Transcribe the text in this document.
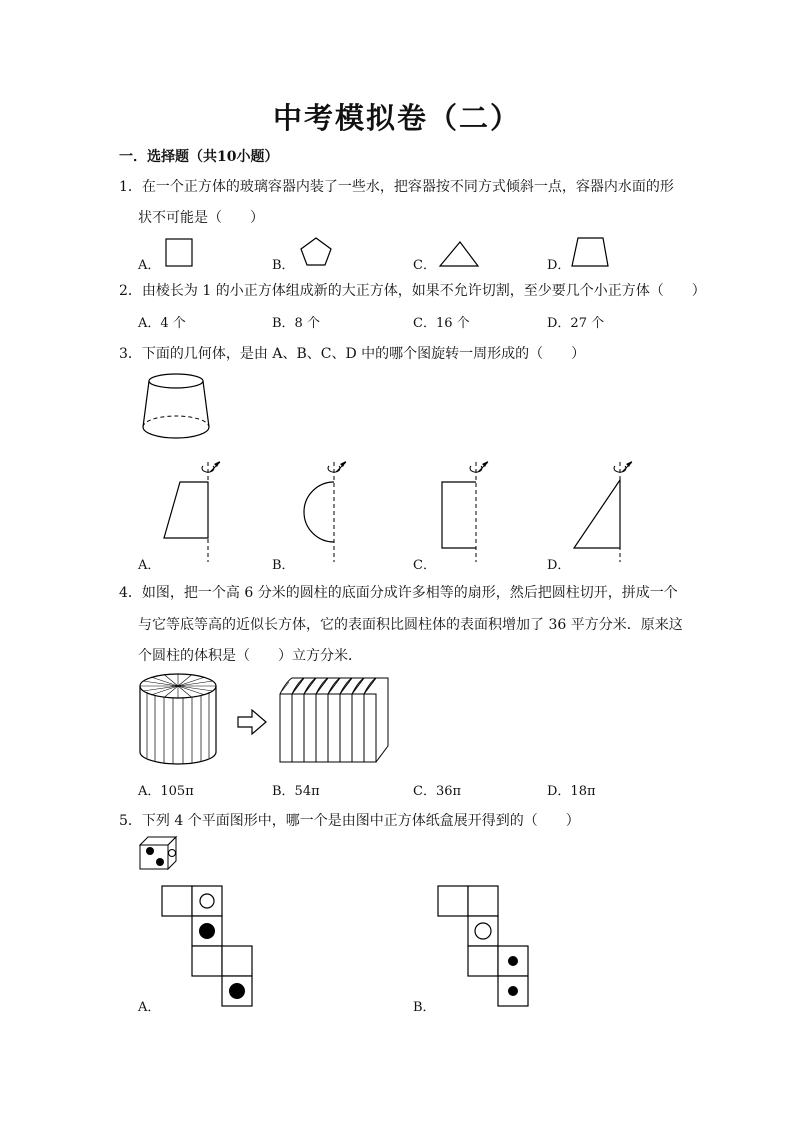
中考模拟卷（二）
一．选择题（共10小题）
1．在一个正方体的玻璃容器内装了一些水，把容器按不同方式倾斜一点，容器内水面的形
状不可能是（　　）
A．	B．	C．	D．
2．由棱长为 1 的小正方体组成新的大正方体，如果不允许切割，至少要几个小正方体（　　）
A．4 个	B．8 个	C．16 个	D．27 个
3．下面的几何体，是由 A、B、C、D 中的哪个图旋转一周形成的（　　）
A．	B．	C．	D．
4．如图，把一个高 6 分米的圆柱的底面分成许多相等的扇形，然后把圆柱切开，拼成一个
与它等底等高的近似长方体，它的表面积比圆柱体的表面积增加了 36 平方分米．原来这
个圆柱的体积是（　　）立方分米．
A．105π	B．54π	C．36π	D．18π
5．下列 4 个平面图形中，哪一个是由图中正方体纸盒展开得到的（　　）
A．	B．
